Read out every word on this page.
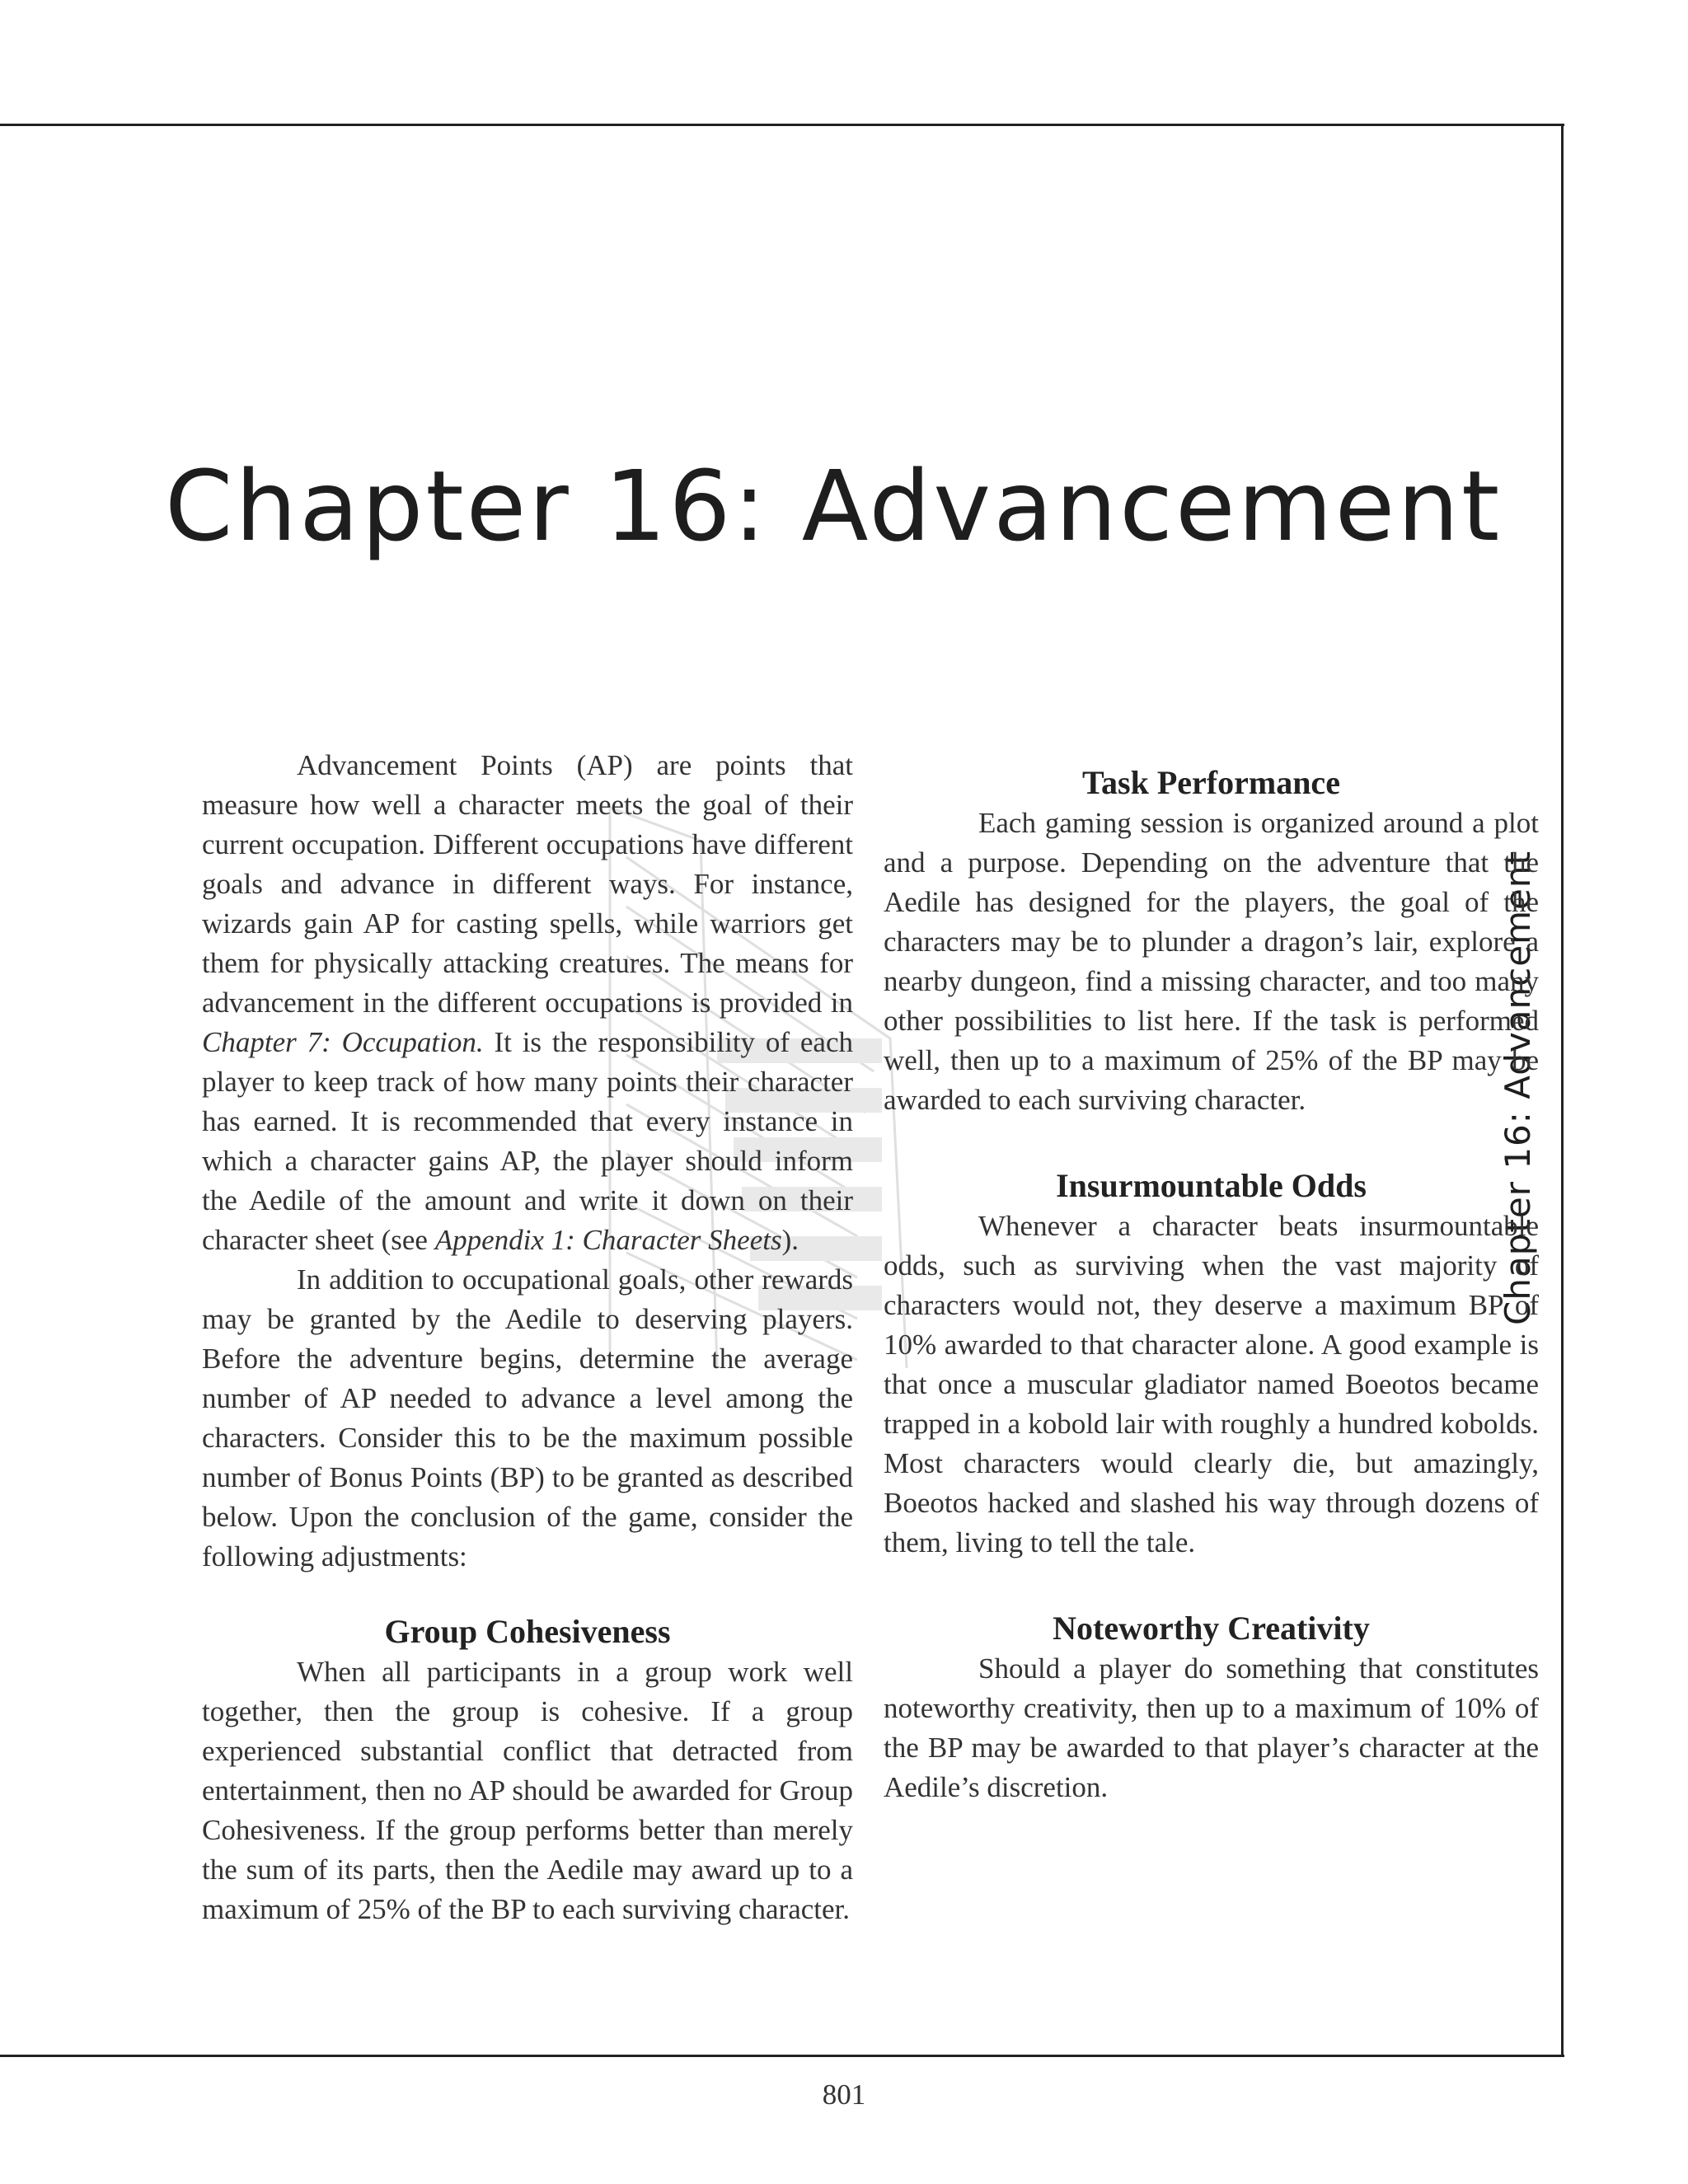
Chapter 16: Advancement
Chapter 16: Advancement

Advancement Points (AP) are points that measure how well a character meets the goal of their current occupation. Different occupations have different goals and advance in different ways. For instance, wizards gain AP for casting spells, while warriors get them for physically attacking creatures. The means for advancement in the different occupations is provided in Chapter 7: Occupation. It is the responsibility of each player to keep track of how many points their character has earned. It is recommended that every instance in which a character gains AP, the player should inform the Aedile of the amount and write it down on their character sheet (see Appendix 1: Character Sheets).

In addition to occupational goals, other rewards may be granted by the Aedile to deserving players. Before the adventure begins, determine the average number of AP needed to advance a level among the characters. Consider this to be the maximum possible number of Bonus Points (BP) to be granted as described below. Upon the conclusion of the game, consider the following adjustments:

Group Cohesiveness

When all participants in a group work well together, then the group is cohesive. If a group experienced substantial conflict that detracted from entertainment, then no AP should be awarded for Group Cohesiveness. If the group performs better than merely the sum of its parts, then the Aedile may award up to a maximum of 25% of the BP to each surviving character.

Task Performance

Each gaming session is organized around a plot and a purpose. Depending on the adventure that the Aedile has designed for the players, the goal of the characters may be to plunder a dragon’s lair, explore a nearby dungeon, find a missing character, and too many other possibilities to list here. If the task is performed well, then up to a maximum of 25% of the BP may be awarded to each surviving character.

Insurmountable Odds

Whenever a character beats insurmountable odds, such as surviving when the vast majority of characters would not, they deserve a maximum BP of 10% awarded to that character alone. A good example is that once a muscular gladiator named Boeotos became trapped in a kobold lair with roughly a hundred kobolds. Most characters would clearly die, but amazingly, Boeotos hacked and slashed his way through dozens of them, living to tell the tale.

Noteworthy Creativity

Should a player do something that constitutes noteworthy creativity, then up to a maximum of 10% of the BP may be awarded to that player’s character at the Aedile’s discretion.

801
